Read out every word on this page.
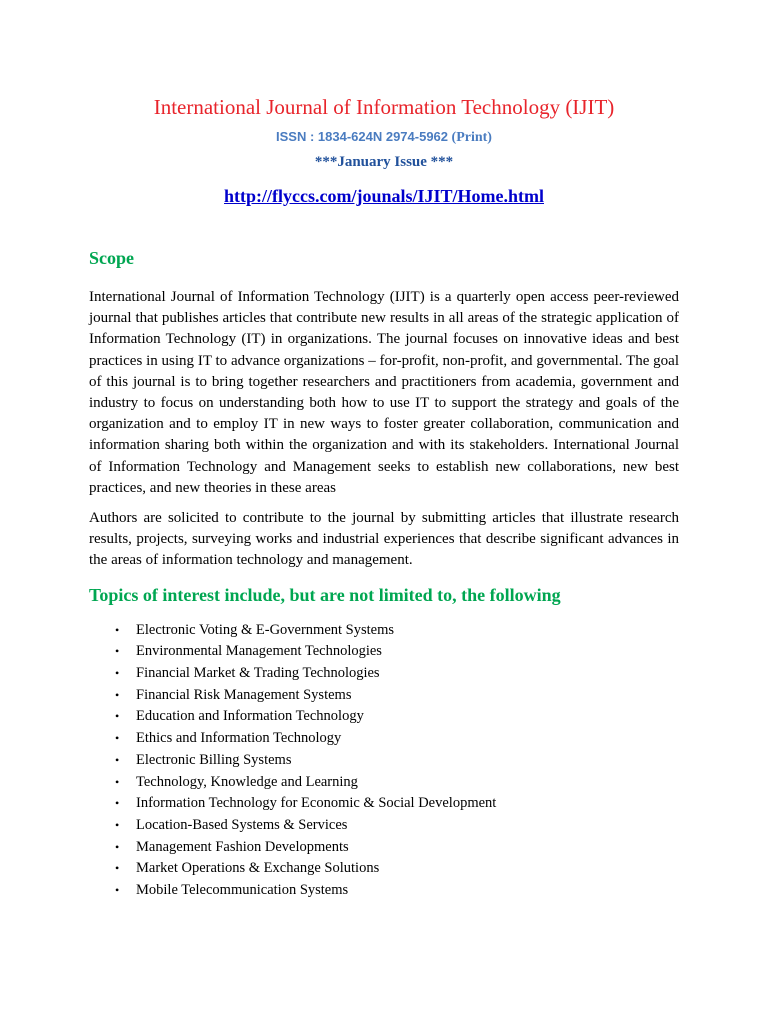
International Journal of Information Technology (IJIT)
ISSN : 1834-624N 2974-5962 (Print)
***January Issue ***
http://flyccs.com/jounals/IJIT/Home.html
Scope

International Journal of Information Technology (IJIT) is a quarterly open access peer-reviewed journal that publishes articles that contribute new results in all areas of the strategic application of Information Technology (IT) in organizations. The journal focuses on innovative ideas and best practices in using IT to advance organizations – for-profit, non-profit, and governmental. The goal of this journal is to bring together researchers and practitioners from academia, government and industry to focus on understanding both how to use IT to support the strategy and goals of the organization and to employ IT in new ways to foster greater collaboration, communication and information sharing both within the organization and with its stakeholders. International Journal of Information Technology and Management seeks to establish new collaborations, new best practices, and new theories in these areas

Authors are solicited to contribute to the journal by submitting articles that illustrate research results, projects, surveying works and industrial experiences that describe significant advances in the areas of information technology and management.

Topics of interest include, but are not limited to, the following
• Electronic Voting & E-Government Systems
• Environmental Management Technologies
• Financial Market & Trading Technologies
• Financial Risk Management Systems
• Education and Information Technology
• Ethics and Information Technology
• Electronic Billing Systems
• Technology, Knowledge and Learning
• Information Technology for Economic & Social Development
• Location-Based Systems & Services
• Management Fashion Developments
• Market Operations & Exchange Solutions
• Mobile Telecommunication Systems
